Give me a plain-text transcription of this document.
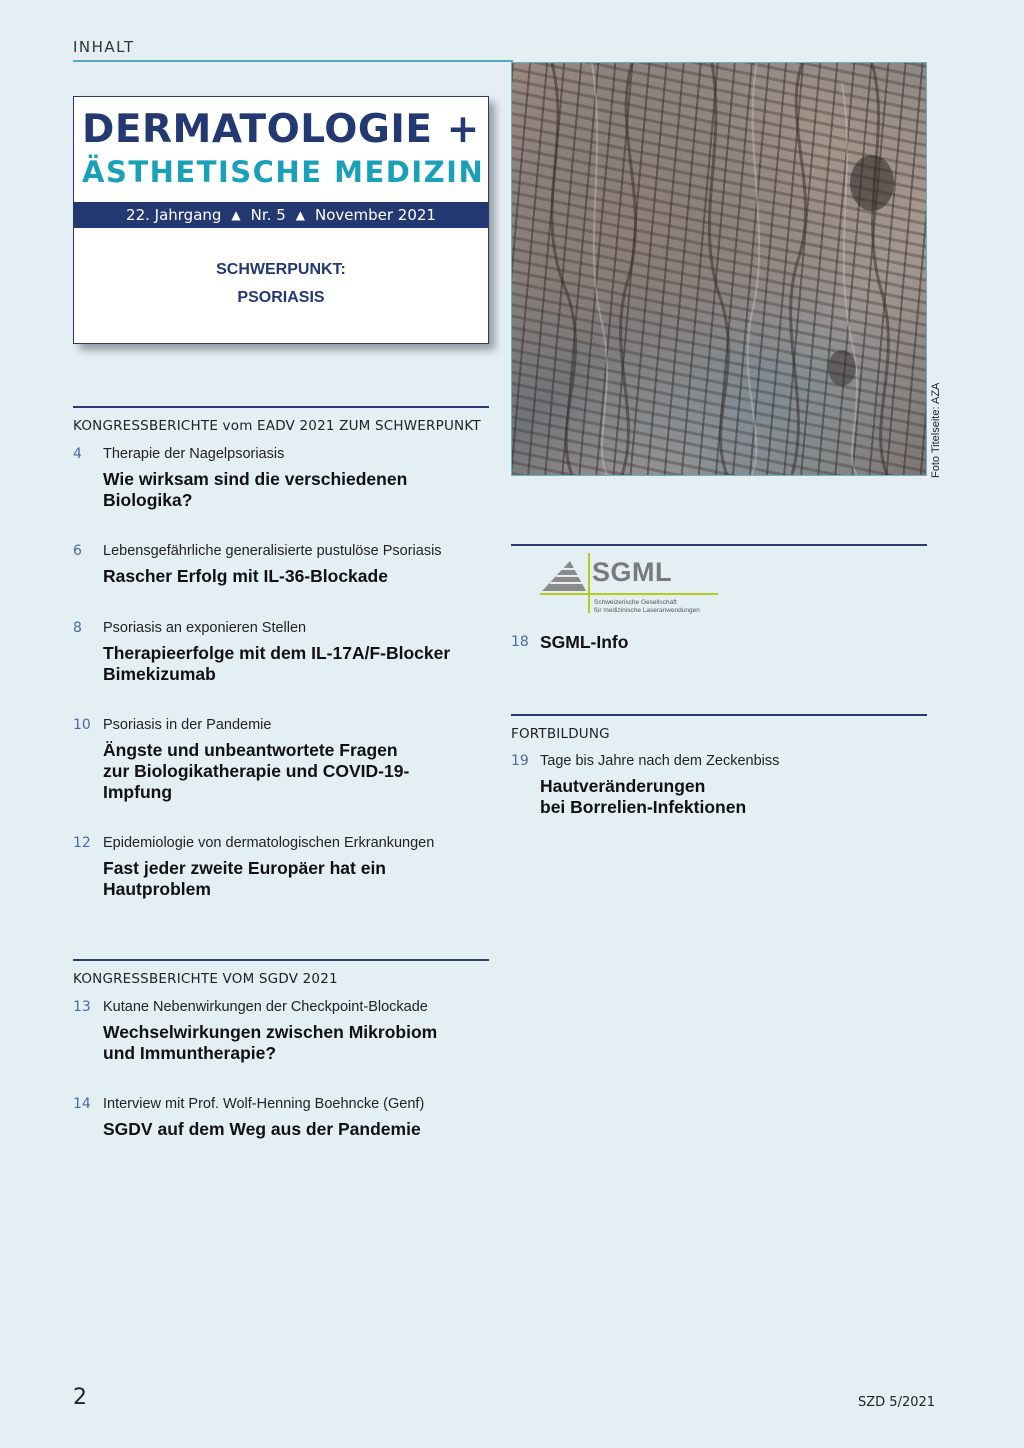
INHALT
DERMATOLOGIE +
ÄSTHETISCHE MEDIZIN
22. Jahrgang ▲ Nr. 5 ▲ November 2021
SCHWERPUNKT:
PSORIASIS
Foto Titelseite: AZA
KONGRESSBERICHTE vom EADV 2021 ZUM SCHWERPUNKT
4 Therapie der Nagelpsoriasis
Wie wirksam sind die verschiedenen
Biologika?
6 Lebensgefährliche generalisierte pustulöse Psoriasis
Rascher Erfolg mit IL-36-Blockade
8 Psoriasis an exponieren Stellen
Therapieerfolge mit dem IL-17A/F-Blocker
Bimekizumab
10 Psoriasis in der Pandemie
Ängste und unbeantwortete Fragen
zur Biologikatherapie und COVID-19-
Impfung
12 Epidemiologie von dermatologischen Erkrankungen
Fast jeder zweite Europäer hat ein
Hautproblem
KONGRESSBERICHTE VOM SGDV 2021
13 Kutane Nebenwirkungen der Checkpoint-Blockade
Wechselwirkungen zwischen Mikrobiom
und Immuntherapie?
14 Interview mit Prof. Wolf-Henning Boehncke (Genf)
SGDV auf dem Weg aus der Pandemie
SGML
Schweizerische Gesellschaft
für medizinische Laseranwendungen
18 SGML-Info
FORTBILDUNG
19 Tage bis Jahre nach dem Zeckenbiss
Hautveränderungen
bei Borrelien-Infektionen
2	SZD 5/2021
